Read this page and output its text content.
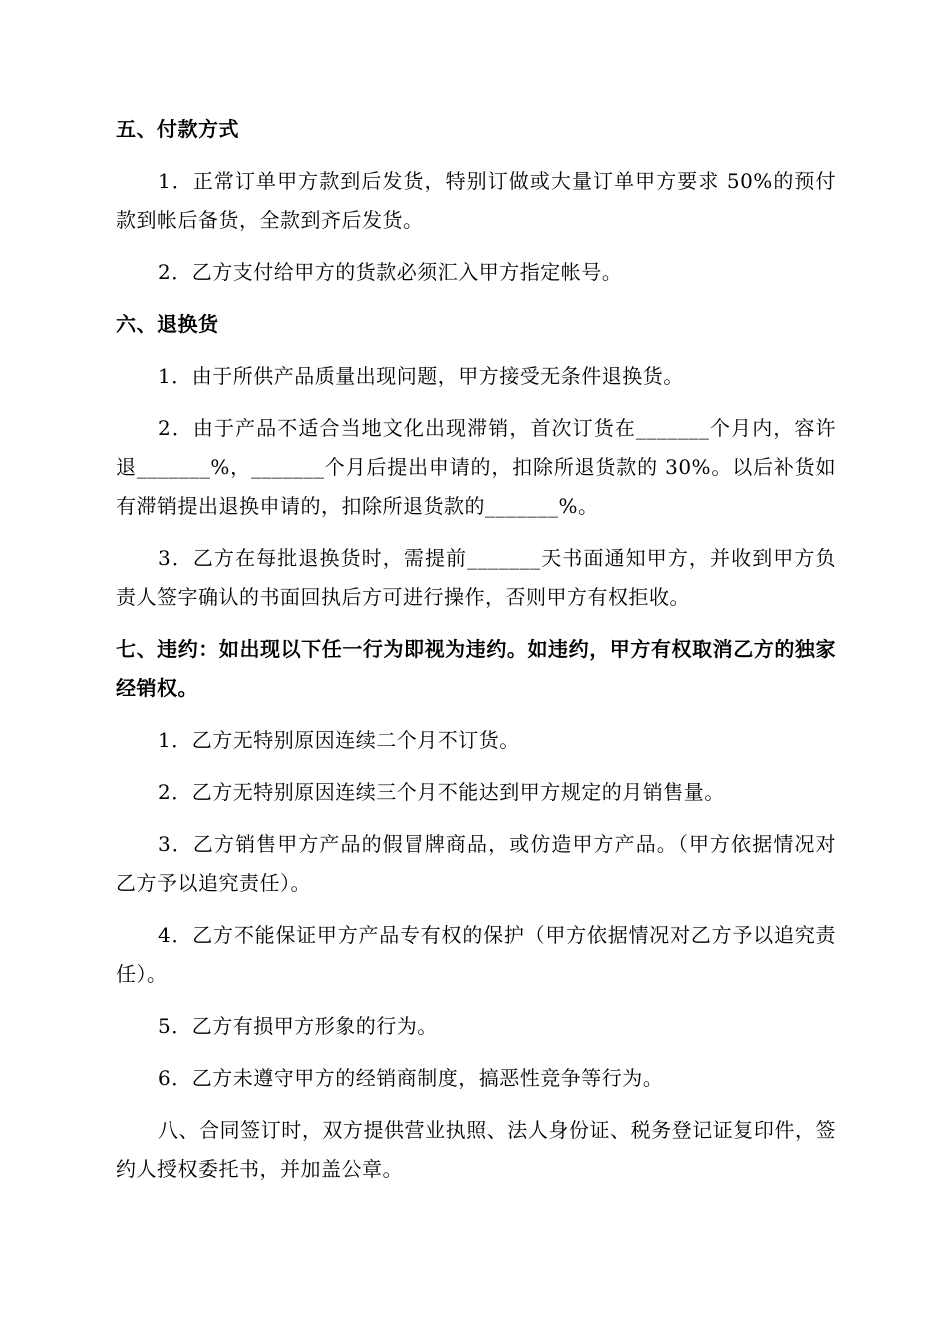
五、付款方式

1．正常订单甲方款到后发货，特别订做或大量订单甲方要求 50%的预付款到帐后备货，全款到齐后发货。

2．乙方支付给甲方的货款必须汇入甲方指定帐号。

六、退换货

1．由于所供产品质量出现问题，甲方接受无条件退换货。

2．由于产品不适合当地文化出现滞销，首次订货在_______个月内，容许退_______%，_______个月后提出申请的，扣除所退货款的 30%。以后补货如有滞销提出退换申请的，扣除所退货款的_______%。

3．乙方在每批退换货时，需提前_______天书面通知甲方，并收到甲方负责人签字确认的书面回执后方可进行操作，否则甲方有权拒收。

七、违约：如出现以下任一行为即视为违约。如违约，甲方有权取消乙方的独家经销权。

1．乙方无特别原因连续二个月不订货。

2．乙方无特别原因连续三个月不能达到甲方规定的月销售量。

3．乙方销售甲方产品的假冒牌商品，或仿造甲方产品。（甲方依据情况对乙方予以追究责任）。

4．乙方不能保证甲方产品专有权的保护（甲方依据情况对乙方予以追究责任）。

5．乙方有损甲方形象的行为。

6．乙方未遵守甲方的经销商制度，搞恶性竞争等行为。

八、合同签订时，双方提供营业执照、法人身份证、税务登记证复印件，签约人授权委托书，并加盖公章。
